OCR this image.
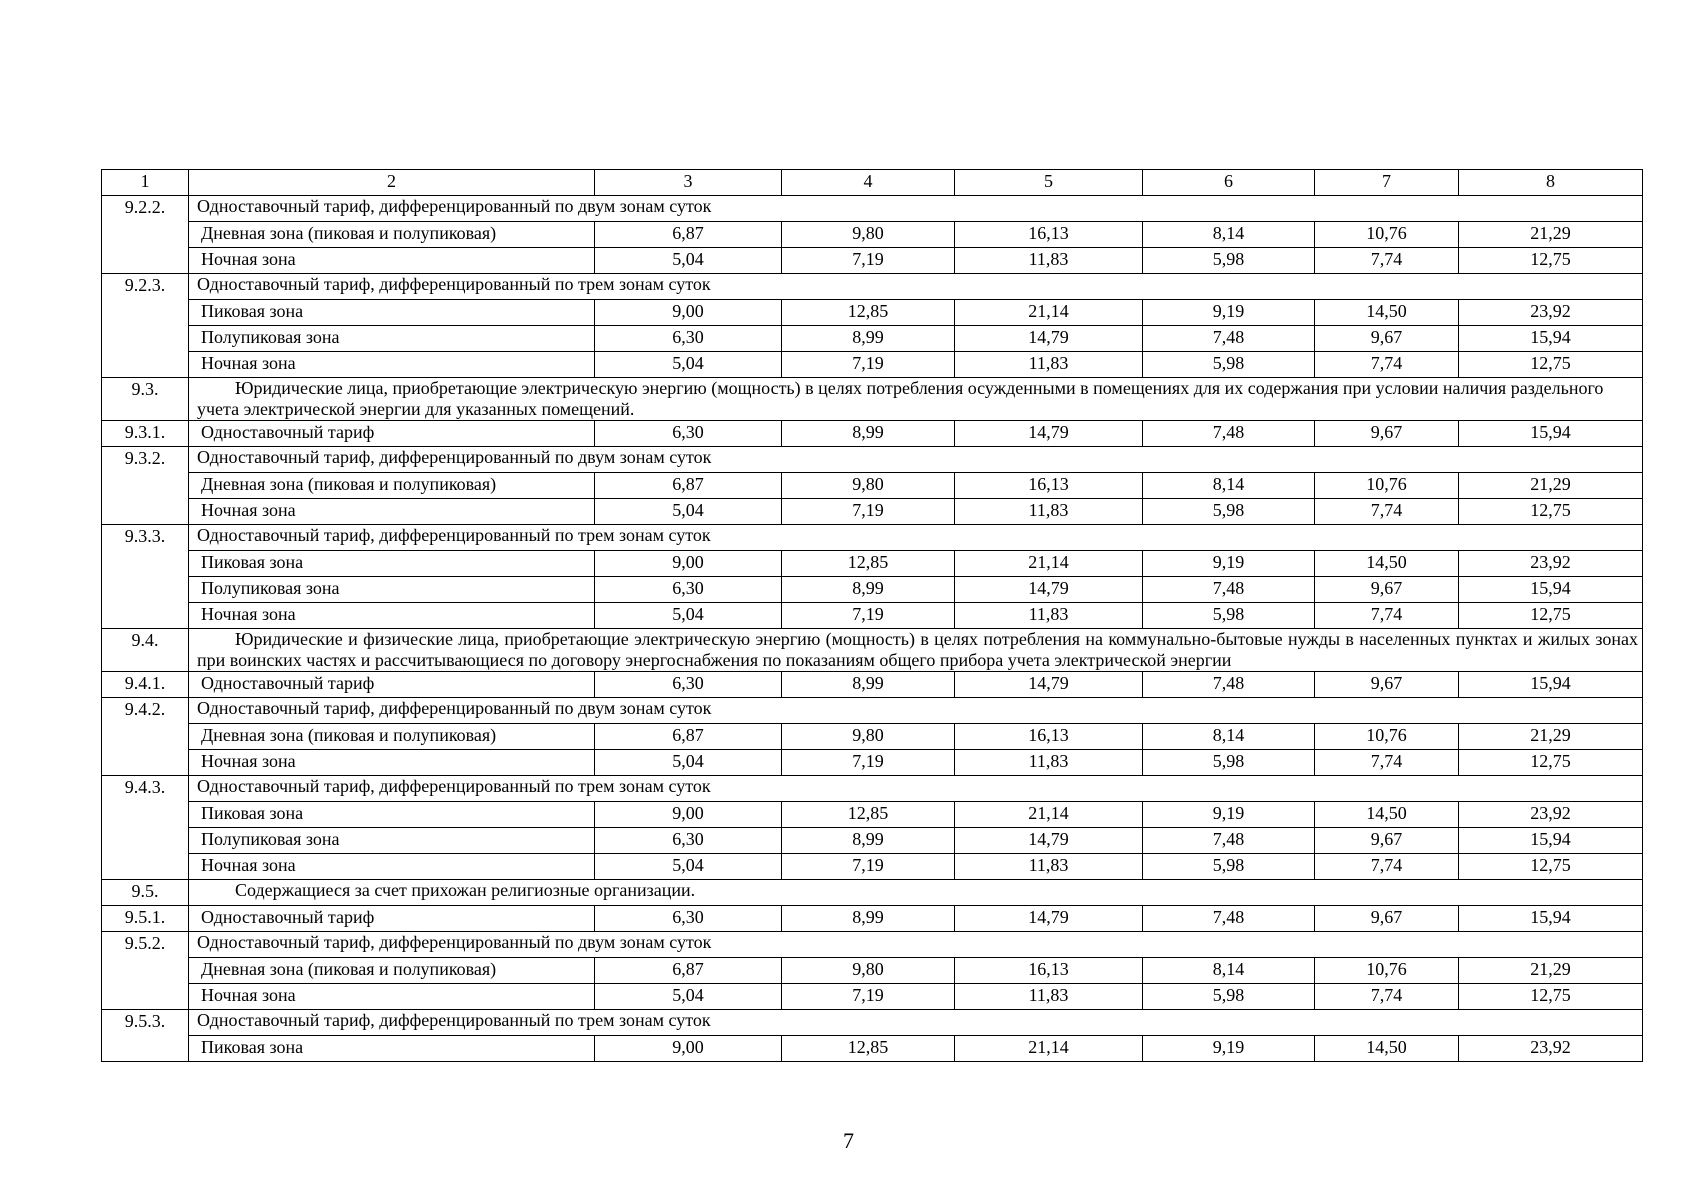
1	2	3	4	5	6	7	8
9.2.2.	Одноставочный тариф, дифференцированный по двум зонам суток						
	Дневная зона (пиковая и полупиковая)	6,87	9,80	16,13	8,14	10,76	21,29
	Ночная зона	5,04	7,19	11,83	5,98	7,74	12,75
9.2.3.	Одноставочный тариф, дифференцированный по трем зонам суток						
	Пиковая зона	9,00	12,85	21,14	9,19	14,50	23,92
	Полупиковая зона	6,30	8,99	14,79	7,48	9,67	15,94
	Ночная зона	5,04	7,19	11,83	5,98	7,74	12,75
9.3.	Юридические лица, приобретающие электрическую энергию (мощность) в целях потребления осужденными в помещениях для их содержания при условии наличия раздельного учета электрической энергии для указанных помещений.						
9.3.1.	Одноставочный тариф	6,30	8,99	14,79	7,48	9,67	15,94
9.3.2.	Одноставочный тариф, дифференцированный по двум зонам суток						
	Дневная зона (пиковая и полупиковая)	6,87	9,80	16,13	8,14	10,76	21,29
	Ночная зона	5,04	7,19	11,83	5,98	7,74	12,75
9.3.3.	Одноставочный тариф, дифференцированный по трем зонам суток						
	Пиковая зона	9,00	12,85	21,14	9,19	14,50	23,92
	Полупиковая зона	6,30	8,99	14,79	7,48	9,67	15,94
	Ночная зона	5,04	7,19	11,83	5,98	7,74	12,75
9.4.	Юридические и физические лица, приобретающие электрическую энергию (мощность) в целях потребления на коммунально-бытовые нужды в населенных пунктах и жилых зонах при воинских частях и рассчитывающиеся по договору энергоснабжения по показаниям общего прибора учета электрической энергии						
9.4.1.	Одноставочный тариф	6,30	8,99	14,79	7,48	9,67	15,94
9.4.2.	Одноставочный тариф, дифференцированный по двум зонам суток						
	Дневная зона (пиковая и полупиковая)	6,87	9,80	16,13	8,14	10,76	21,29
	Ночная зона	5,04	7,19	11,83	5,98	7,74	12,75
9.4.3.	Одноставочный тариф, дифференцированный по трем зонам суток						
	Пиковая зона	9,00	12,85	21,14	9,19	14,50	23,92
	Полупиковая зона	6,30	8,99	14,79	7,48	9,67	15,94
	Ночная зона	5,04	7,19	11,83	5,98	7,74	12,75
9.5.	Содержащиеся за счет прихожан религиозные организации.						
9.5.1.	Одноставочный тариф	6,30	8,99	14,79	7,48	9,67	15,94
9.5.2.	Одноставочный тариф, дифференцированный по двум зонам суток						
	Дневная зона (пиковая и полупиковая)	6,87	9,80	16,13	8,14	10,76	21,29
	Ночная зона	5,04	7,19	11,83	5,98	7,74	12,75
9.5.3.	Одноставочный тариф, дифференцированный по трем зонам суток						
	Пиковая зона	9,00	12,85	21,14	9,19	14,50	23,92
7
